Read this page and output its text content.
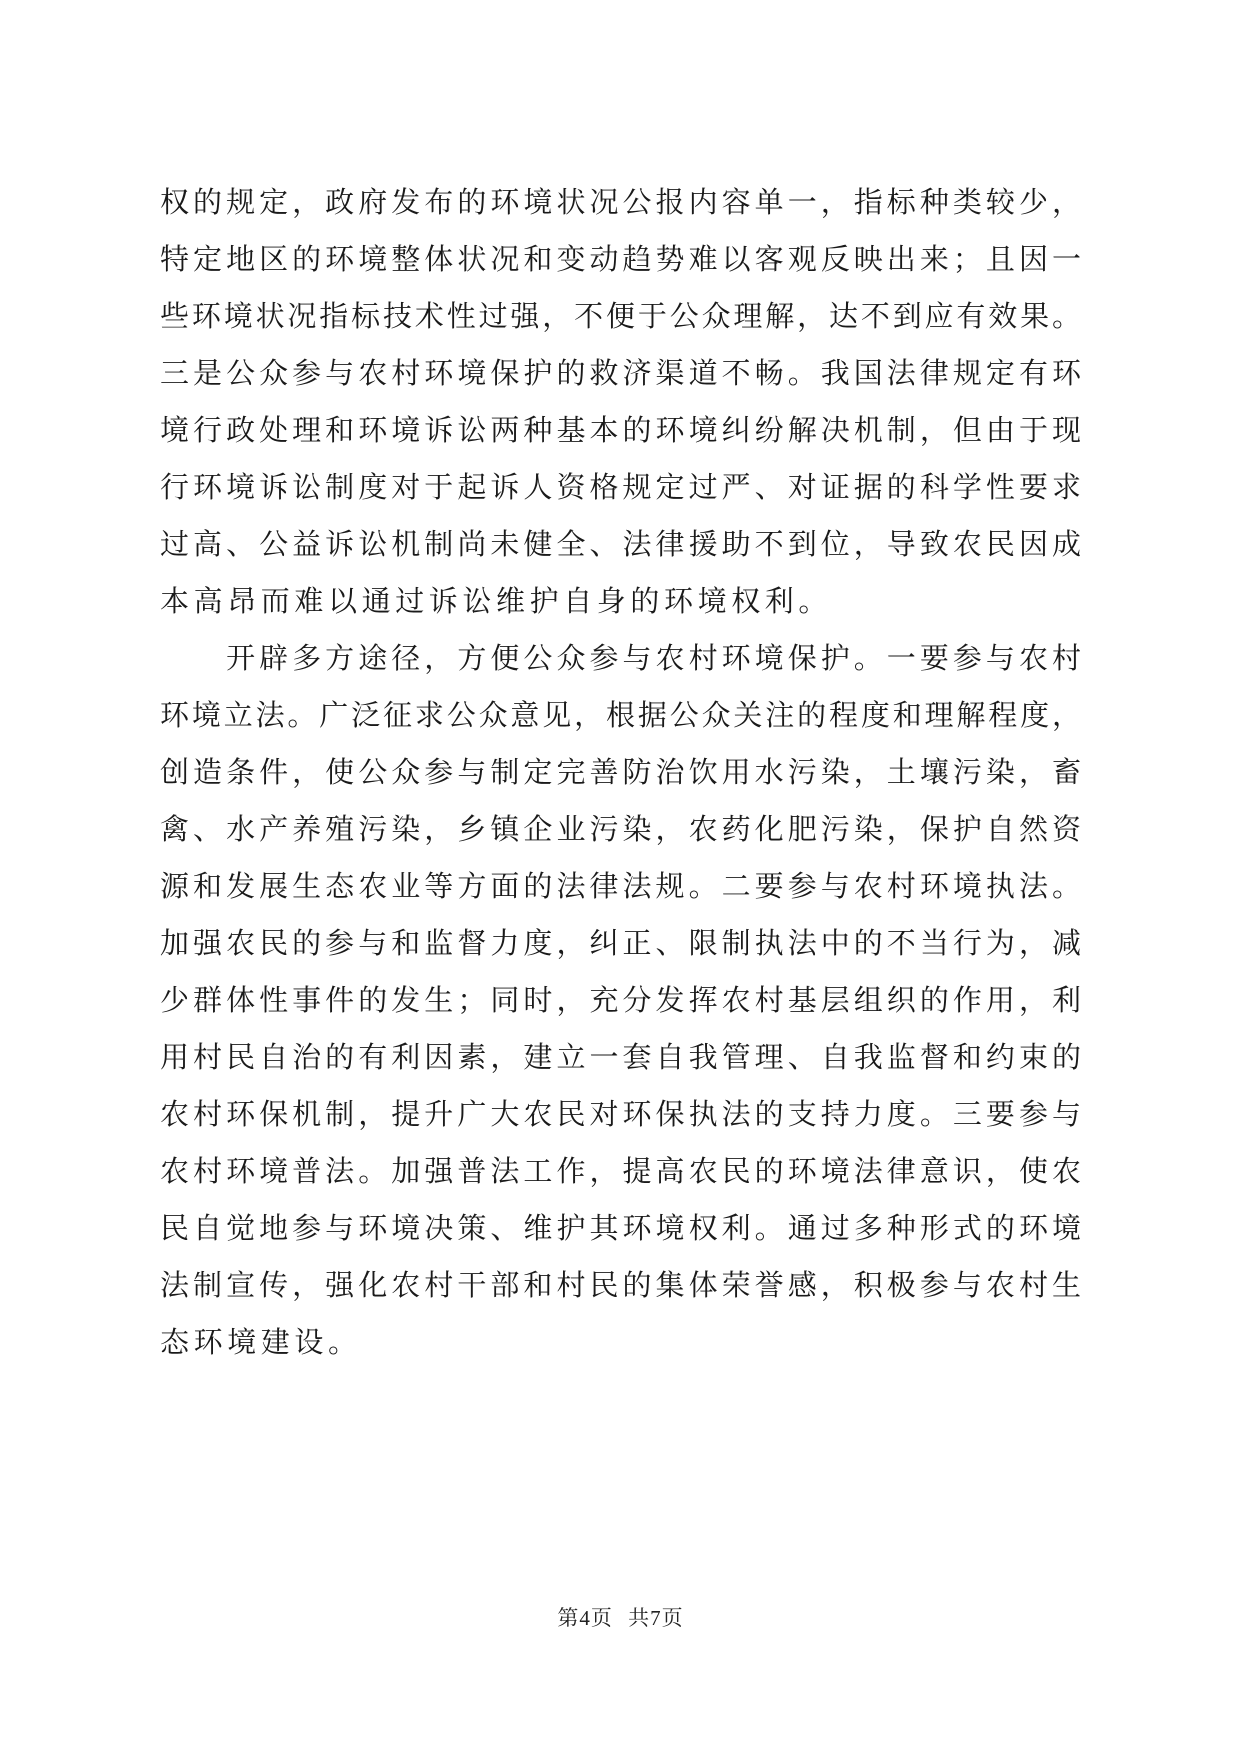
权的规定，政府发布的环境状况公报内容单一，指标种类较少，
特定地区的环境整体状况和变动趋势难以客观反映出来；且因一
些环境状况指标技术性过强，不便于公众理解，达不到应有效果。
三是公众参与农村环境保护的救济渠道不畅。我国法律规定有环
境行政处理和环境诉讼两种基本的环境纠纷解决机制，但由于现
行环境诉讼制度对于起诉人资格规定过严、对证据的科学性要求
过高、公益诉讼机制尚未健全、法律援助不到位，导致农民因成
本高昂而难以通过诉讼维护自身的环境权利。
　　开辟多方途径，方便公众参与农村环境保护。一要参与农村
环境立法。广泛征求公众意见，根据公众关注的程度和理解程度，
创造条件，使公众参与制定完善防治饮用水污染，土壤污染，畜
禽、水产养殖污染，乡镇企业污染，农药化肥污染，保护自然资
源和发展生态农业等方面的法律法规。二要参与农村环境执法。
加强农民的参与和监督力度，纠正、限制执法中的不当行为，减
少群体性事件的发生；同时，充分发挥农村基层组织的作用，利
用村民自治的有利因素，建立一套自我管理、自我监督和约束的
农村环保机制，提升广大农民对环保执法的支持力度。三要参与
农村环境普法。加强普法工作，提高农民的环境法律意识，使农
民自觉地参与环境决策、维护其环境权利。通过多种形式的环境
法制宣传，强化农村干部和村民的集体荣誉感，积极参与农村生
态环境建设。
第4页  共7页
